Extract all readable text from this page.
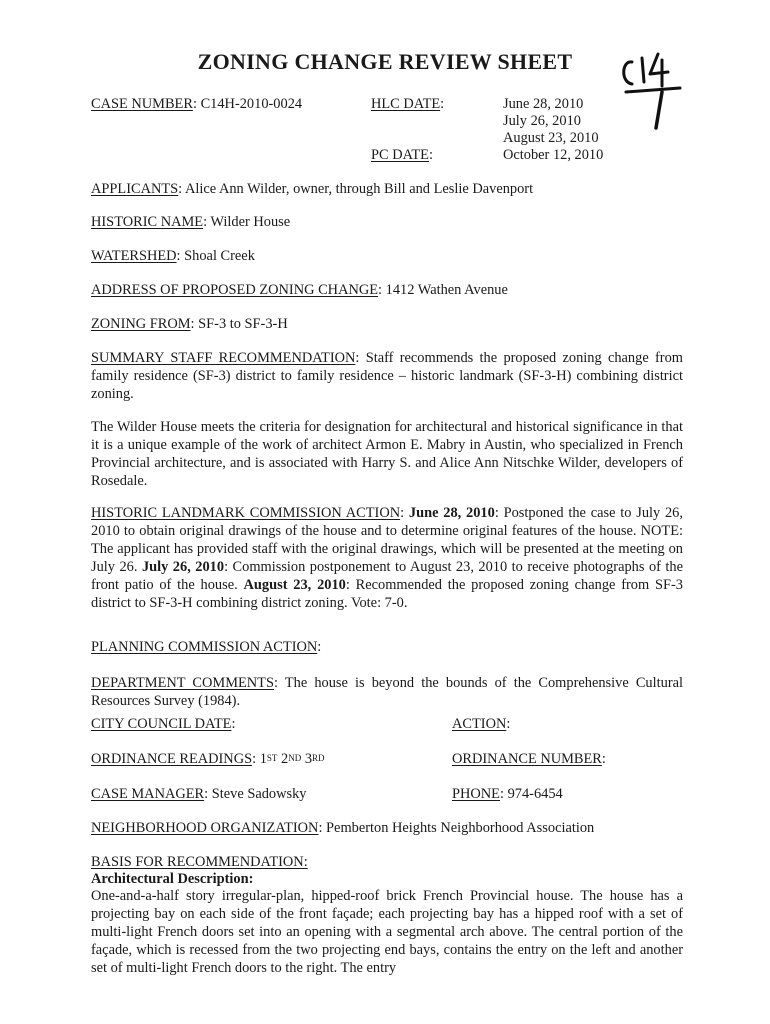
ZONING CHANGE REVIEW SHEET
CASE NUMBER: C14H-2010-0024	HLC DATE:	June 28, 2010
July 26, 2010
August 23, 2010
PC DATE:	October 12, 2010
APPLICANTS: Alice Ann Wilder, owner, through Bill and Leslie Davenport
HISTORIC NAME: Wilder House
WATERSHED: Shoal Creek
ADDRESS OF PROPOSED ZONING CHANGE: 1412 Wathen Avenue
ZONING FROM: SF-3 to SF-3-H
SUMMARY STAFF RECOMMENDATION: Staff recommends the proposed zoning change from family residence (SF-3) district to family residence – historic landmark (SF-3-H) combining district zoning.
The Wilder House meets the criteria for designation for architectural and historical significance in that it is a unique example of the work of architect Armon E. Mabry in Austin, who specialized in French Provincial architecture, and is associated with Harry S. and Alice Ann Nitschke Wilder, developers of Rosedale.
HISTORIC LANDMARK COMMISSION ACTION: June 28, 2010: Postponed the case to July 26, 2010 to obtain original drawings of the house and to determine original features of the house. NOTE: The applicant has provided staff with the original drawings, which will be presented at the meeting on July 26. July 26, 2010: Commission postponement to August 23, 2010 to receive photographs of the front patio of the house. August 23, 2010: Recommended the proposed zoning change from SF-3 district to SF-3-H combining district zoning. Vote: 7-0.
PLANNING COMMISSION ACTION:
DEPARTMENT COMMENTS: The house is beyond the bounds of the Comprehensive Cultural Resources Survey (1984).
CITY COUNCIL DATE:	ACTION:
ORDINANCE READINGS: 1ST 2ND 3RD	ORDINANCE NUMBER:
CASE MANAGER: Steve Sadowsky	PHONE: 974-6454
NEIGHBORHOOD ORGANIZATION: Pemberton Heights Neighborhood Association
BASIS FOR RECOMMENDATION:
Architectural Description:
One-and-a-half story irregular-plan, hipped-roof brick French Provincial house. The house has a projecting bay on each side of the front façade; each projecting bay has a hipped roof with a set of multi-light French doors set into an opening with a segmental arch above. The central portion of the façade, which is recessed from the two projecting end bays, contains the entry on the left and another set of multi-light French doors to the right. The entry
